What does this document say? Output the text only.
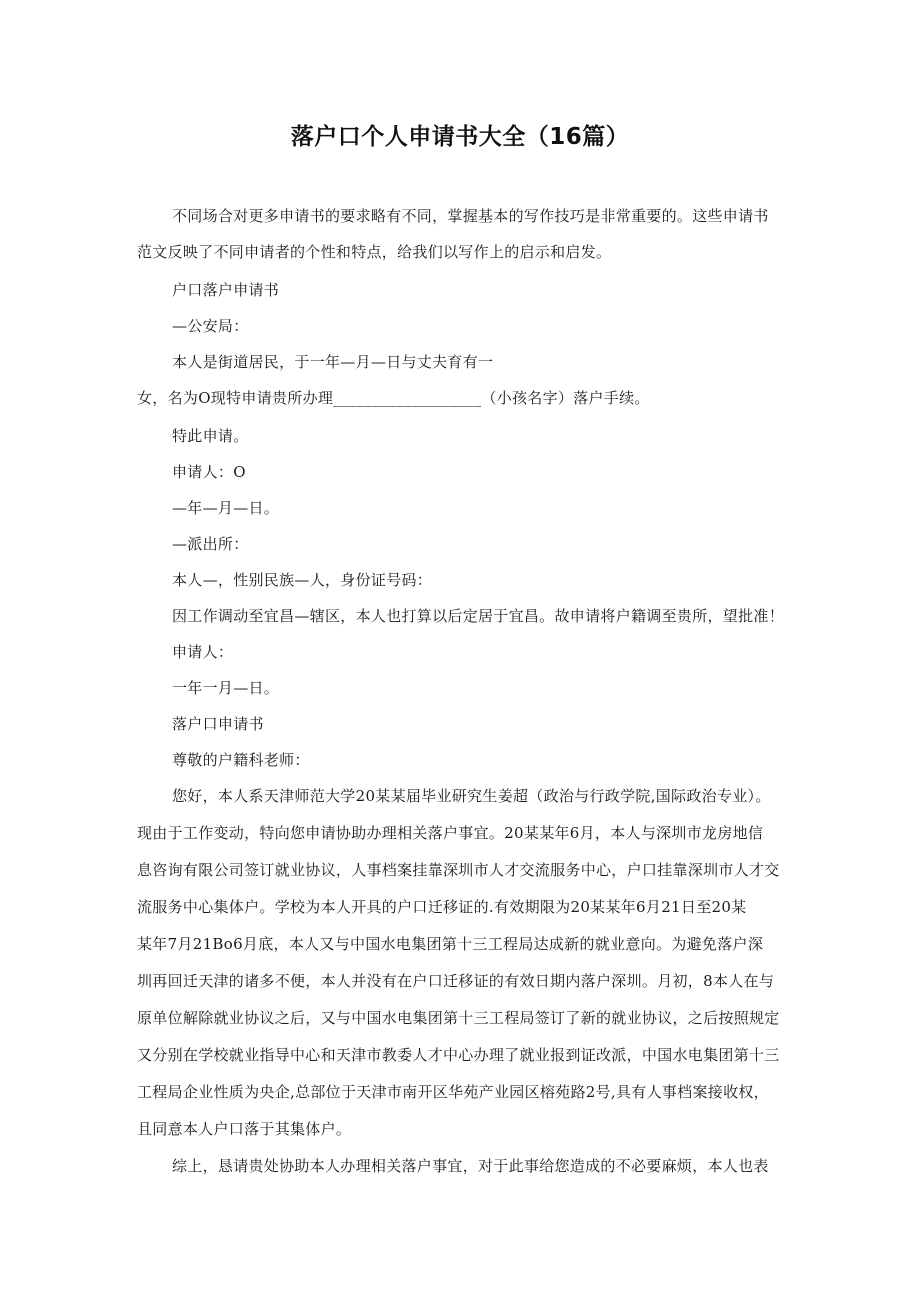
落户口个人申请书大全（16篇）
不同场合对更多申请书的要求略有不同，掌握基本的写作技巧是非常重要的。这些申请书
范文反映了不同申请者的个性和特点，给我们以写作上的启示和启发。
户口落户申请书
—公安局：
本人是街道居民，于一年—月—日与丈夫育有一
女，名为O现特申请贵所办理___________________（小孩名字）落户手续。
特此申请。
申请人：O
—年—月—日。
—派出所：
本人—，性别民族—人，身份证号码：
因工作调动至宜昌—辖区，本人也打算以后定居于宜昌。故申请将户籍调至贵所，望批准！
申请人：
一年一月—日。
落户口申请书
尊敬的户籍科老师：
您好，本人系天津师范大学20某某届毕业研究生姜超（政治与行政学院,国际政治专业）。
现由于工作变动，特向您申请协助办理相关落户事宜。20某某年6月，本人与深圳市龙房地信
息咨询有限公司签订就业协议，人事档案挂靠深圳市人才交流服务中心，户口挂靠深圳市人才交
流服务中心集体户。学校为本人开具的户口迁移证的.有效期限为20某某年6月21日至20某
某年7月21Bo6月底，本人又与中国水电集团第十三工程局达成新的就业意向。为避免落户深
圳再回迁天津的诸多不便，本人并没有在户口迁移证的有效日期内落户深圳。月初，8本人在与
原单位解除就业协议之后，又与中国水电集团第十三工程局签订了新的就业协议，之后按照规定
又分别在学校就业指导中心和天津市教委人才中心办理了就业报到证改派，中国水电集团第十三
工程局企业性质为央企,总部位于天津市南开区华苑产业园区榕苑路2号,具有人事档案接收权，
且同意本人户口落于其集体户。
综上，恳请贵处协助本人办理相关落户事宜，对于此事给您造成的不必要麻烦，本人也表
